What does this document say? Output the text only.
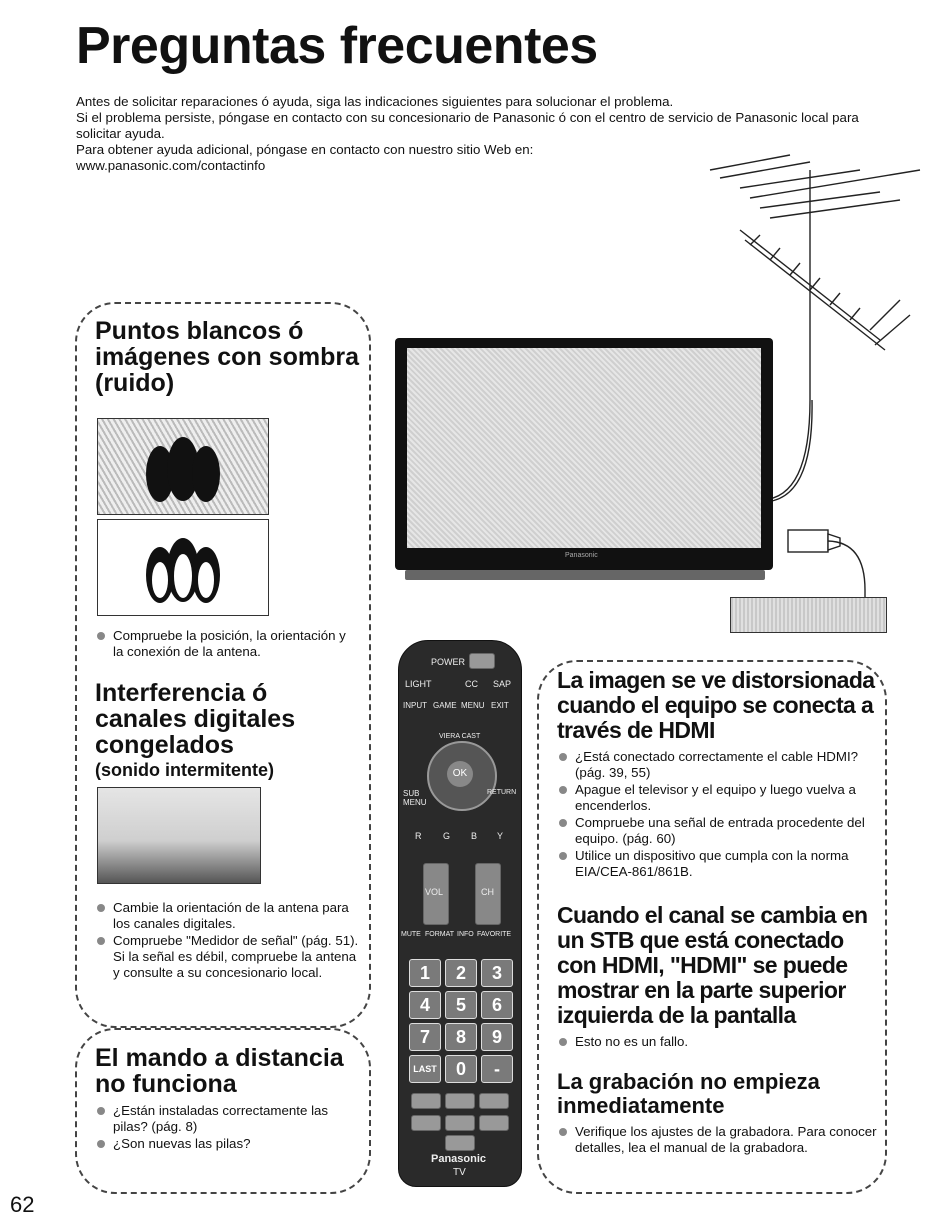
Preguntas frecuentes

Antes de solicitar reparaciones ó ayuda, siga las indicaciones siguientes para solucionar el problema.

Si el problema persiste, póngase en contacto con su concesionario de Panasonic ó con el centro de servicio de Panasonic local para solicitar ayuda.

Para obtener ayuda adicional, póngase en contacto con nuestro sitio Web en:

www.panasonic.com/contactinfo

Panasonic

Puntos blancos ó imágenes con sombra (ruido)

Compruebe la posición, la orientación y la conexión de la antena.

Interferencia ó canales digitales congelados

(sonido intermitente)

Cambie la orientación de la antena para los canales digitales.
Compruebe "Medidor de señal" (pág. 51). Si la señal es débil, compruebe la antena y consulte a su concesionario local.

El mando a distancia no funciona

¿Están instaladas correctamente las pilas? (pág. 8)
¿Son nuevas las pilas?
POWER
LIGHT	CC SAP
INPUT GAME MENU EXIT
OK
VIERA CAST
SUB MENU
RETURN
R G B Y
VOL	CH
MUTE FORMAT INFO FAVORITE
1	2	3
4	5	6
7	8	9
LAST	0	-
Panasonic
TV

La imagen se ve distorsionada cuando el equipo se conecta a través de HDMI

¿Está conectado correctamente el cable HDMI? (pág. 39, 55)
Apague el televisor y el equipo y luego vuelva a encenderlos.
Compruebe una señal de entrada procedente del equipo. (pág. 60)
Utilice un dispositivo que cumpla con la norma EIA/CEA-861/861B.

Cuando el canal se cambia en un STB que está conectado con HDMI, "HDMI" se puede mostrar en la parte superior izquierda de la pantalla

Esto no es un fallo.

La grabación no empieza inmediatamente

Verifique los ajustes de la grabadora. Para conocer detalles, lea el manual de la grabadora.
62
